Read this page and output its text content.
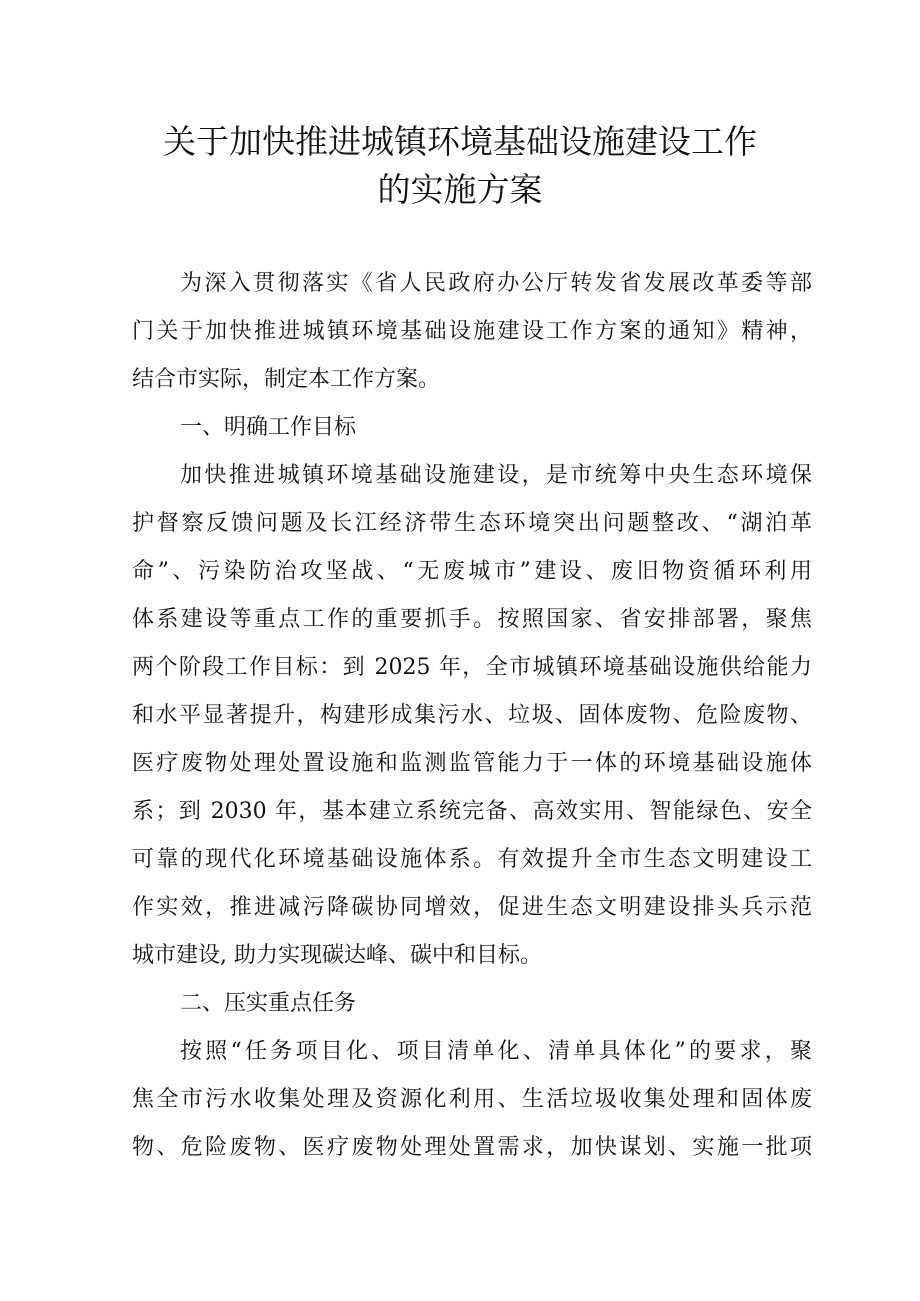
关于加快推进城镇环境基础设施建设工作
的实施方案
为深入贯彻落实《省人民政府办公厅转发省发展改革委等部
门关于加快推进城镇环境基础设施建设工作方案的通知》精神，
结合市实际，制定本工作方案。
一、明确工作目标
加快推进城镇环境基础设施建设，是市统筹中央生态环境保
护督察反馈问题及长江经济带生态环境突出问题整改、“湖泊革
命”、污染防治攻坚战、“无废城市”建设、废旧物资循环利用
体系建设等重点工作的重要抓手。按照国家、省安排部署，聚焦
两个阶段工作目标：到 2025 年，全市城镇环境基础设施供给能力
和水平显著提升，构建形成集污水、垃圾、固体废物、危险废物、
医疗废物处理处置设施和监测监管能力于一体的环境基础设施体
系；到 2030 年，基本建立系统完备、高效实用、智能绿色、安全
可靠的现代化环境基础设施体系。有效提升全市生态文明建设工
作实效，推进减污降碳协同增效，促进生态文明建设排头兵示范
城市建设, 助力实现碳达峰、碳中和目标。
二、压实重点任务
按照“任务项目化、项目清单化、清单具体化”的要求，聚
焦全市污水收集处理及资源化利用、生活垃圾收集处理和固体废
物、危险废物、医疗废物处理处置需求，加快谋划、实施一批项
